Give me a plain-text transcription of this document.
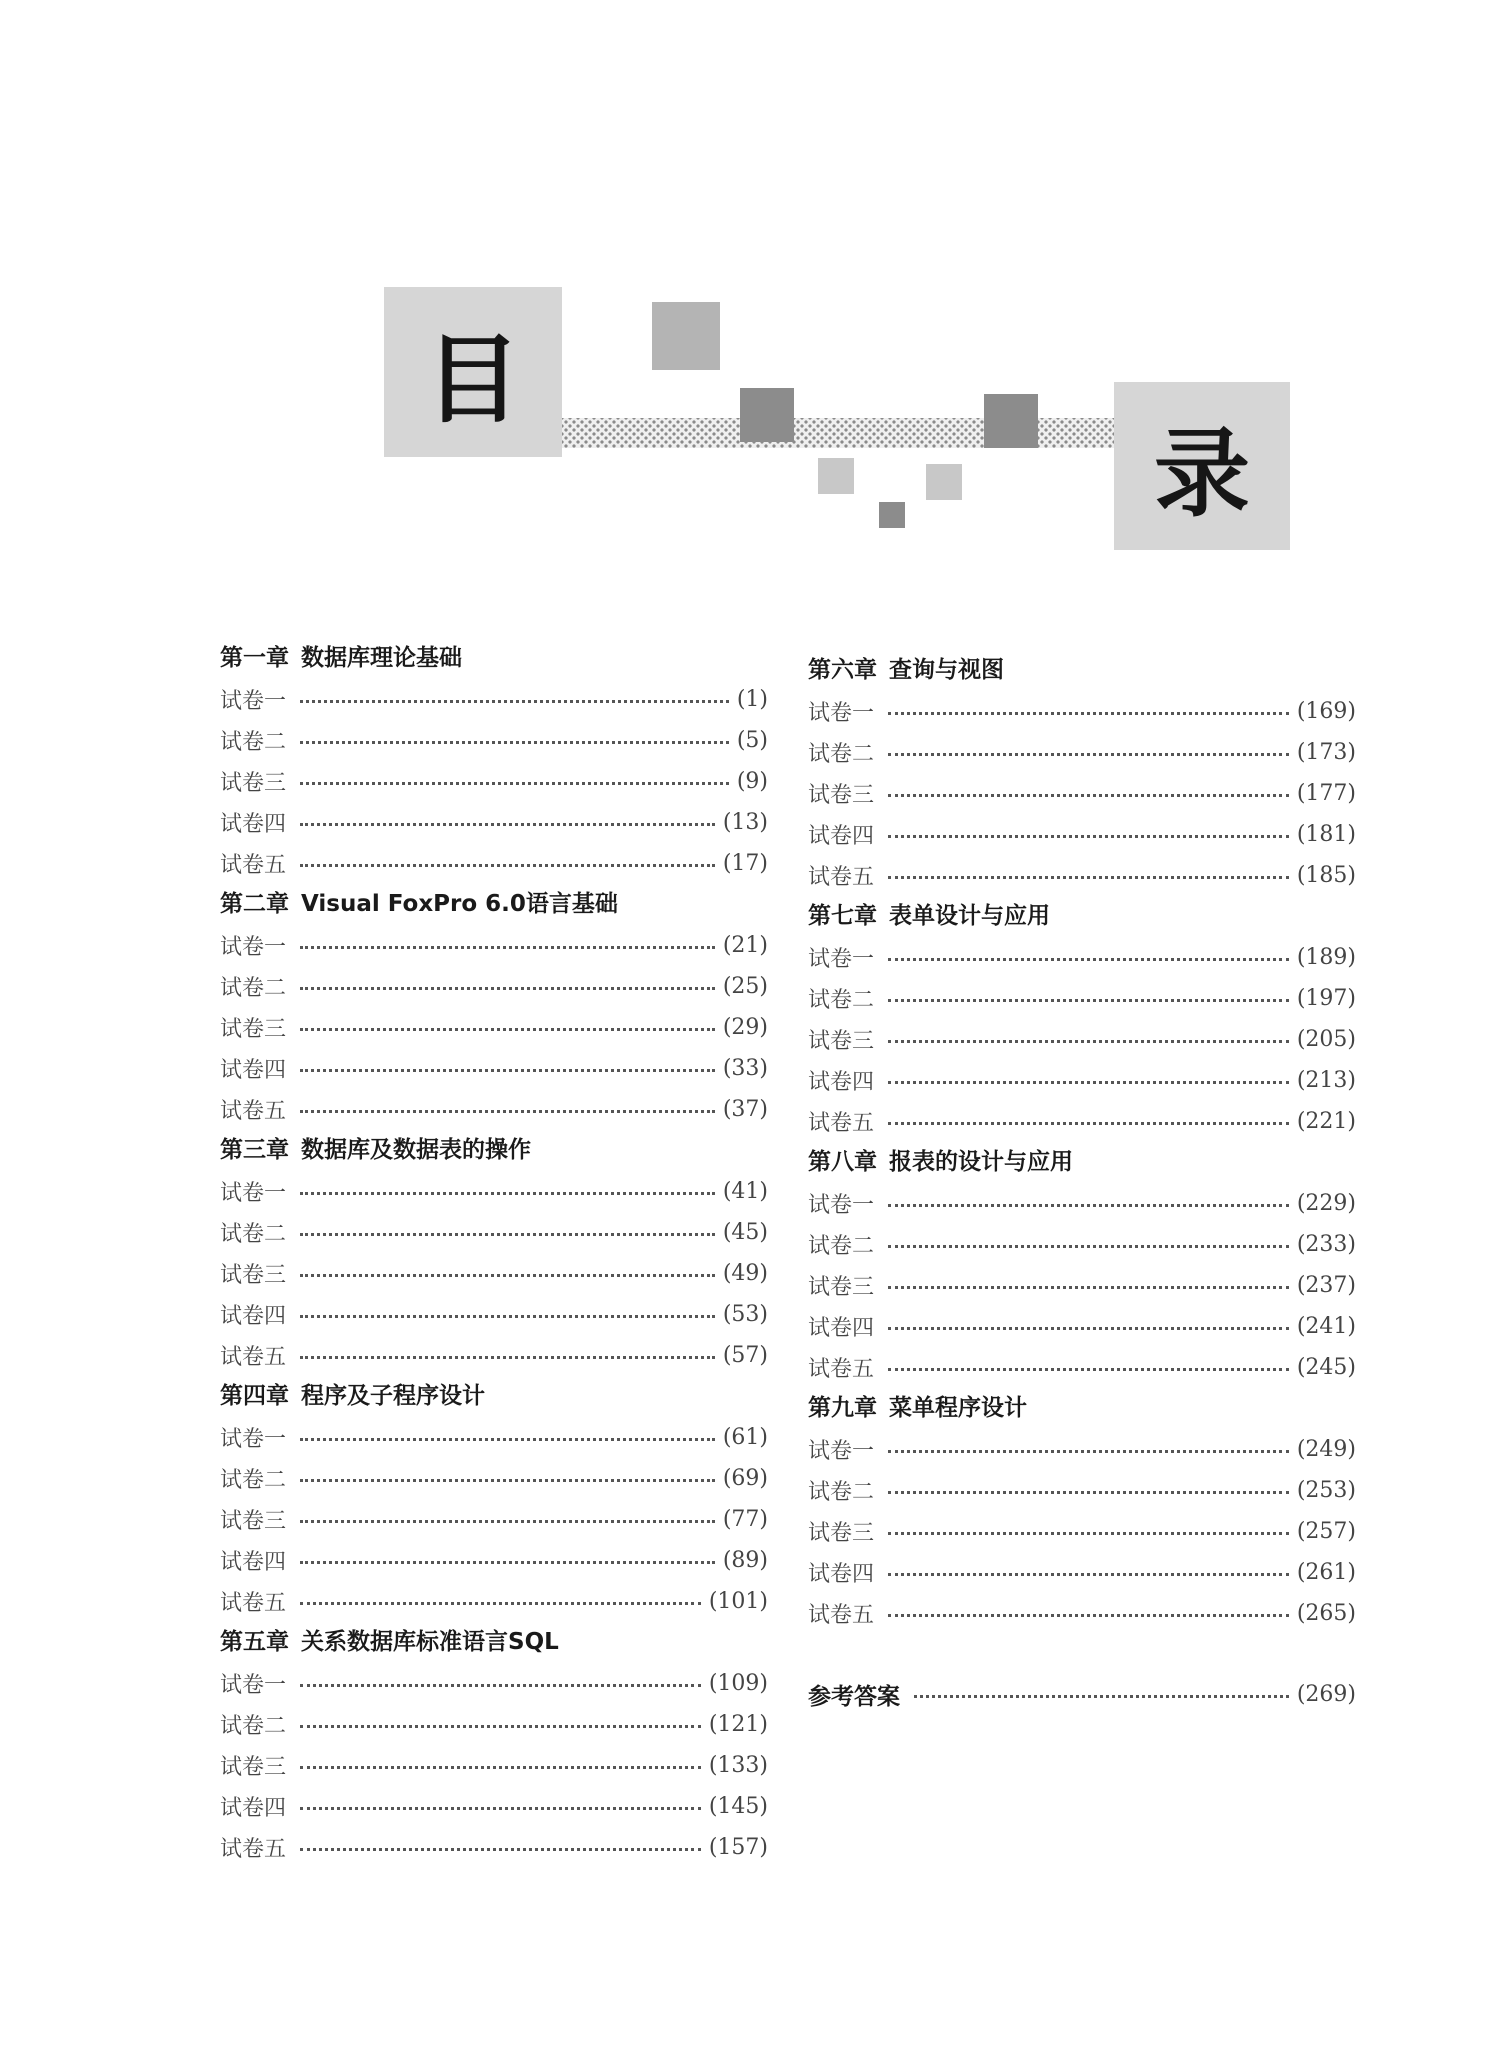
目
录
第一章 数据库理论基础
试卷一	(1)
试卷二	(5)
试卷三	(9)
试卷四	(13)
试卷五	(17)
第二章 Visual FoxPro 6.0语言基础
试卷一	(21)
试卷二	(25)
试卷三	(29)
试卷四	(33)
试卷五	(37)
第三章 数据库及数据表的操作
试卷一	(41)
试卷二	(45)
试卷三	(49)
试卷四	(53)
试卷五	(57)
第四章 程序及子程序设计
试卷一	(61)
试卷二	(69)
试卷三	(77)
试卷四	(89)
试卷五	(101)
第五章 关系数据库标准语言SQL
试卷一	(109)
试卷二	(121)
试卷三	(133)
试卷四	(145)
试卷五	(157)
第六章 查询与视图
试卷一	(169)
试卷二	(173)
试卷三	(177)
试卷四	(181)
试卷五	(185)
第七章 表单设计与应用
试卷一	(189)
试卷二	(197)
试卷三	(205)
试卷四	(213)
试卷五	(221)
第八章 报表的设计与应用
试卷一	(229)
试卷二	(233)
试卷三	(237)
试卷四	(241)
试卷五	(245)
第九章 菜单程序设计
试卷一	(249)
试卷二	(253)
试卷三	(257)
试卷四	(261)
试卷五	(265)
参考答案	(269)
